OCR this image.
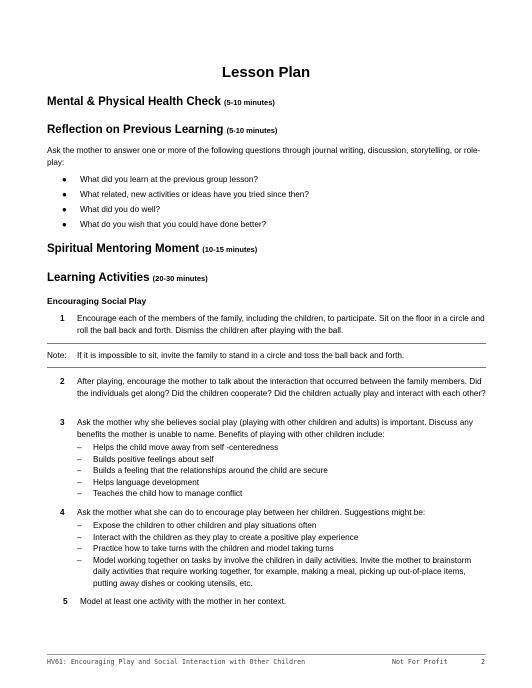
Lesson Plan
Mental & Physical Health Check (5-10 minutes)
Reflection on Previous Learning (5-10 minutes)
Ask the mother to answer one or more of the following questions through journal writing, discussion, storytelling, or role-play:
● What did you learn at the previous group lesson?
● What related, new activities or ideas have you tried since then?
● What did you do well?
● What do you wish that you could have done better?
Spiritual Mentoring Moment (10-15 minutes)
Learning Activities (20-30 minutes)
Encouraging Social Play
1 Encourage each of the members of the family, including the children, to participate. Sit on the floor in a circle and roll the ball back and forth. Dismiss the children after playing with the ball.
Note: If it is impossible to sit, invite the family to stand in a circle and toss the ball back and forth.
2 After playing, encourage the mother to talk about the interaction that occurred between the family members. Did the individuals get along? Did the children cooperate? Did the children actually play and interact with each other?
3 Ask the mother why she believes social play (playing with other children and adults) is important. Discuss any benefits the mother is unable to name. Benefits of playing with other children include:
– Helps the child move away from self -centeredness
– Builds positive feelings about self
– Builds a feeling that the relationships around the child are secure
– Helps language development
– Teaches the child how to manage conflict
4 Ask the mother what she can do to encourage play between her children. Suggestions might be:
– Expose the children to other children and play situations often
– Interact with the children as they play to create a positive play experience
– Practice how to take turns with the children and model taking turns
– Model working together on tasks by involve the children in daily activities. Invite the mother to brainstorm daily activities that require working together, for example, making a meal, picking up out-of-place items, putting away dishes or cooking utensils, etc.
5 Model at least one activity with the mother in her context.
HV61: Encouraging Play and Social Interaction with Other Children	Not For Profit	2
